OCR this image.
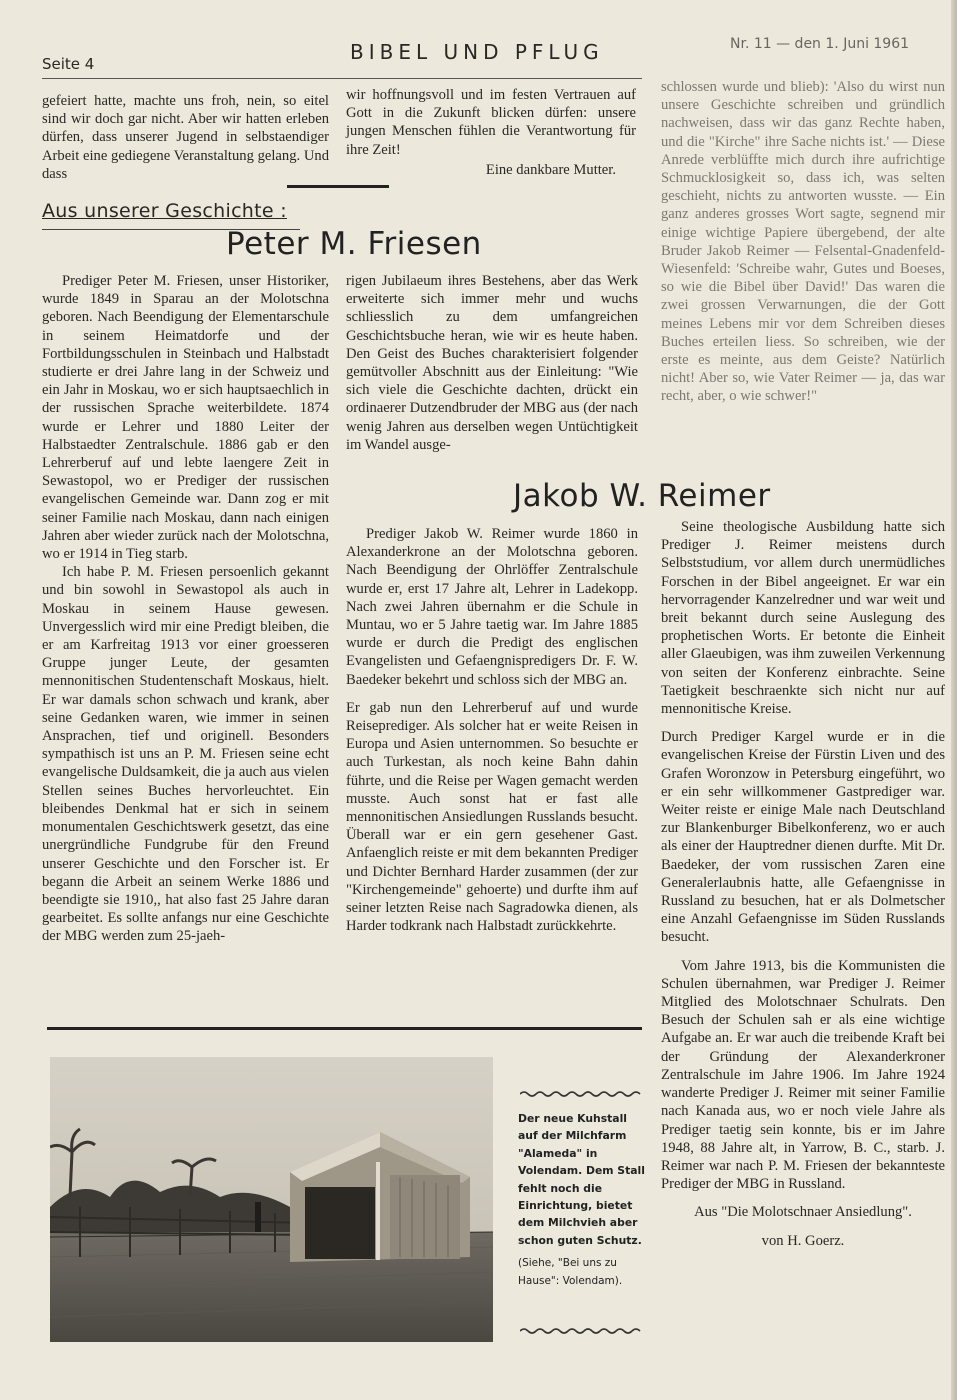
Seite 4	BIBEL UND PFLUG	Nr. 11 — den 1. Juni 1961

gefeiert hatte, machte uns froh, nein, so eitel sind wir doch gar nicht. Aber wir hatten erleben dürfen, dass unserer Jugend in selbstaendiger Arbeit eine gediegene Veranstaltung gelang. Und dass

wir hoffnungsvoll und im festen Vertrauen auf Gott in die Zukunft blicken dürfen: unsere jungen Menschen fühlen die Verantwortung für ihre Zeit!

Eine dankbare Mutter.

Aus unserer Geschichte :
Peter M. Friesen

Prediger Peter M. Friesen, unser Historiker, wurde 1849 in Sparau an der Molotschna geboren. Nach Beendigung der Elementarschule in seinem Heimatdorfe und der Fortbildungsschulen in Steinbach und Halbstadt studierte er drei Jahre lang in der Schweiz und ein Jahr in Moskau, wo er sich hauptsaechlich in der russischen Sprache weiterbildete. 1874 wurde er Lehrer und 1880 Leiter der Halbstaedter Zentralschule. 1886 gab er den Lehrerberuf auf und lebte laengere Zeit in Sewastopol, wo er Prediger der russischen evangelischen Gemeinde war. Dann zog er mit seiner Familie nach Moskau, dann nach einigen Jahren aber wieder zurück nach der Molotschna, wo er 1914 in Tieg starb.

Ich habe P. M. Friesen persoenlich gekannt und bin sowohl in Sewastopol als auch in Moskau in seinem Hause gewesen. Unvergesslich wird mir eine Predigt bleiben, die er am Karfreitag 1913 vor einer groesseren Gruppe junger Leute, der gesamten mennonitischen Studentenschaft Moskaus, hielt. Er war damals schon schwach und krank, aber seine Gedanken waren, wie immer in seinen Ansprachen, tief und originell. Besonders sympathisch ist uns an P. M. Friesen seine echt evangelische Duldsamkeit, die ja auch aus vielen Stellen seines Buches hervorleuchtet. Ein bleibendes Denkmal hat er sich in seinem monumentalen Geschichtswerk gesetzt, das eine unergründliche Fundgrube für den Freund unserer Geschichte und den Forscher ist. Er begann die Arbeit an seinem Werke 1886 und beendigte sie 1910,, hat also fast 25 Jahre daran gearbeitet. Es sollte anfangs nur eine Geschichte der MBG werden zum 25-jaeh-

rigen Jubilaeum ihres Bestehens, aber das Werk erweiterte sich immer mehr und wuchs schliesslich zu dem umfangreichen Geschichtsbuche heran, wie wir es heute haben. Den Geist des Buches charakterisiert folgender gemütvoller Abschnitt aus der Einleitung: "Wie sich viele die Geschichte dachten, drückt ein ordinaerer Dutzendbruder der MBG aus (der nach wenig Jahren aus derselben wegen Untüchtigkeit im Wandel ausge-

schlossen wurde und blieb): 'Also du wirst nun unsere Geschichte schreiben und gründlich nachweisen, dass wir das ganz Rechte haben, und die "Kirche" ihre Sache nichts ist.' — Diese Anrede verblüffte mich durch ihre aufrichtige Schmucklosigkeit so, dass ich, was selten geschieht, nichts zu antworten wusste. — Ein ganz anderes grosses Wort sagte, segnend mir einige wichtige Papiere übergebend, der alte Bruder Jakob Reimer — Felsental-Gnadenfeld-Wiesenfeld: 'Schreibe wahr, Gutes und Boeses, so wie die Bibel über David!' Das waren die zwei grossen Verwarnungen, die der Gott meines Lebens mir vor dem Schreiben dieses Buches erteilen liess. So schreiben, wie der erste es meinte, aus dem Geiste? Natürlich nicht! Aber so, wie Vater Reimer — ja, das war recht, aber, o wie schwer!"

Jakob W. Reimer

Prediger Jakob W. Reimer wurde 1860 in Alexanderkrone an der Molotschna geboren. Nach Beendigung der Ohrlöffer Zentralschule wurde er, erst 17 Jahre alt, Lehrer in Ladekopp. Nach zwei Jahren übernahm er die Schule in Muntau, wo er 5 Jahre taetig war. Im Jahre 1885 wurde er durch die Predigt des englischen Evangelisten und Gefaengnispredigers Dr. F. W. Baedeker bekehrt und schloss sich der MBG an.

Er gab nun den Lehrerberuf auf und wurde Reiseprediger. Als solcher hat er weite Reisen in Europa und Asien unternommen. So besuchte er auch Turkestan, als noch keine Bahn dahin führte, und die Reise per Wagen gemacht werden musste. Auch sonst hat er fast alle mennonitischen Ansiedlungen Russlands besucht. Überall war er ein gern gesehener Gast. Anfaenglich reiste er mit dem bekannten Prediger und Dichter Bernhard Harder zusammen (der zur "Kirchengemeinde" gehoerte) und durfte ihm auf seiner letzten Reise nach Sagradowka dienen, als Harder todkrank nach Halbstadt zurückkehrte.

Seine theologische Ausbildung hatte sich Prediger J. Reimer meistens durch Selbststudium, vor allem durch unermüdliches Forschen in der Bibel angeeignet. Er war ein hervorragender Kanzelredner und war weit und breit bekannt durch seine Auslegung des prophetischen Worts. Er betonte die Einheit aller Glaeubigen, was ihm zuweilen Verkennung von seiten der Konferenz einbrachte. Seine Taetigkeit beschraenkte sich nicht nur auf mennonitische Kreise.

Durch Prediger Kargel wurde er in die evangelischen Kreise der Fürstin Liven und des Grafen Woronzow in Petersburg eingeführt, wo er ein sehr willkommener Gastprediger war. Weiter reiste er einige Male nach Deutschland zur Blankenburger Bibelkonferenz, wo er auch als einer der Hauptredner dienen durfte. Mit Dr. Baedeker, der vom russischen Zaren eine Generalerlaubnis hatte, alle Gefaengnisse in Russland zu besuchen, hat er als Dolmetscher eine Anzahl Gefaengnisse im Süden Russlands besucht.

Vom Jahre 1913, bis die Kommunisten die Schulen übernahmen, war Prediger J. Reimer Mitglied des Molotschnaer Schulrats. Den Besuch der Schulen sah er als eine wichtige Aufgabe an. Er war auch die treibende Kraft bei der Gründung der Alexanderkroner Zentralschule im Jahre 1906. Im Jahre 1924 wanderte Prediger J. Reimer mit seiner Familie nach Kanada aus, wo er noch viele Jahre als Prediger taetig sein konnte, bis er im Jahre 1948, 88 Jahre alt, in Yarrow, B. C., starb. J. Reimer war nach P. M. Friesen der bekannteste Prediger der MBG in Russland.

Aus "Die Molotschnaer Ansiedlung".

von H. Goerz.

Der neue Kuhstall auf der Milchfarm "Alameda" in Volendam. Dem Stall fehlt noch die Einrichtung, bietet dem Milchvieh aber schon guten Schutz.
(Siehe, "Bei uns zu Hause": Volendam).
